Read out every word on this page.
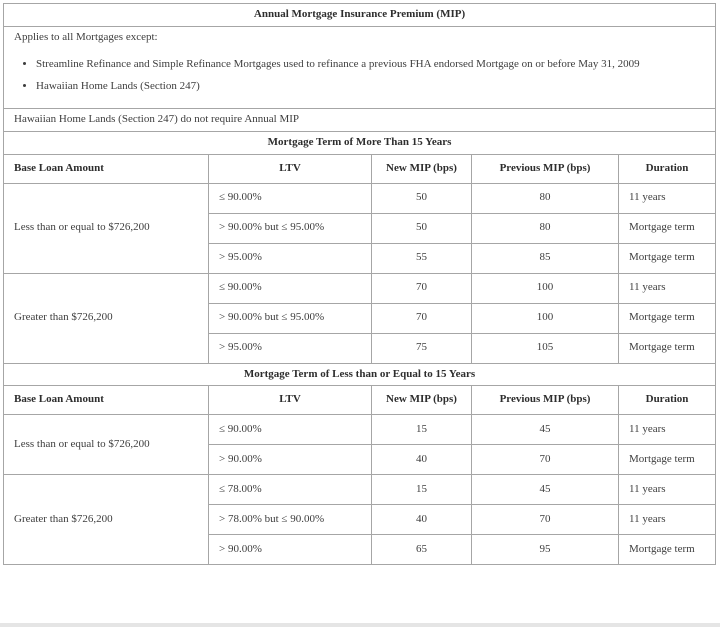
Annual Mortgage Insurance Premium (MIP)				

Applies to all Mortgages except:

• Streamline Refinance and Simple Refinance Mortgages used to refinance a previous FHA endorsed Mortgage on or before May 31, 2009
• Hawaiian Home Lands (Section 247)

Hawaiian Home Lands (Section 247) do not require Annual MIP				
Mortgage Term of More Than 15 Years				
Base Loan Amount	LTV	New MIP (bps)	Previous MIP (bps)	Duration
Less than or equal to $726,200	≤ 90.00%	50	80	11 years
	> 90.00% but ≤ 95.00%	50	80	Mortgage term
	> 95.00%	55	85	Mortgage term
Greater than $726,200	≤ 90.00%	70	100	11 years
	> 90.00% but ≤ 95.00%	70	100	Mortgage term
	> 95.00%	75	105	Mortgage term
Mortgage Term of Less than or Equal to 15 Years				
Base Loan Amount	LTV	New MIP (bps)	Previous MIP (bps)	Duration
Less than or equal to $726,200	≤ 90.00%	15	45	11 years
	> 90.00%	40	70	Mortgage term
Greater than $726,200	≤ 78.00%	15	45	11 years
	> 78.00% but ≤ 90.00%	40	70	11 years
	> 90.00%	65	95	Mortgage term
